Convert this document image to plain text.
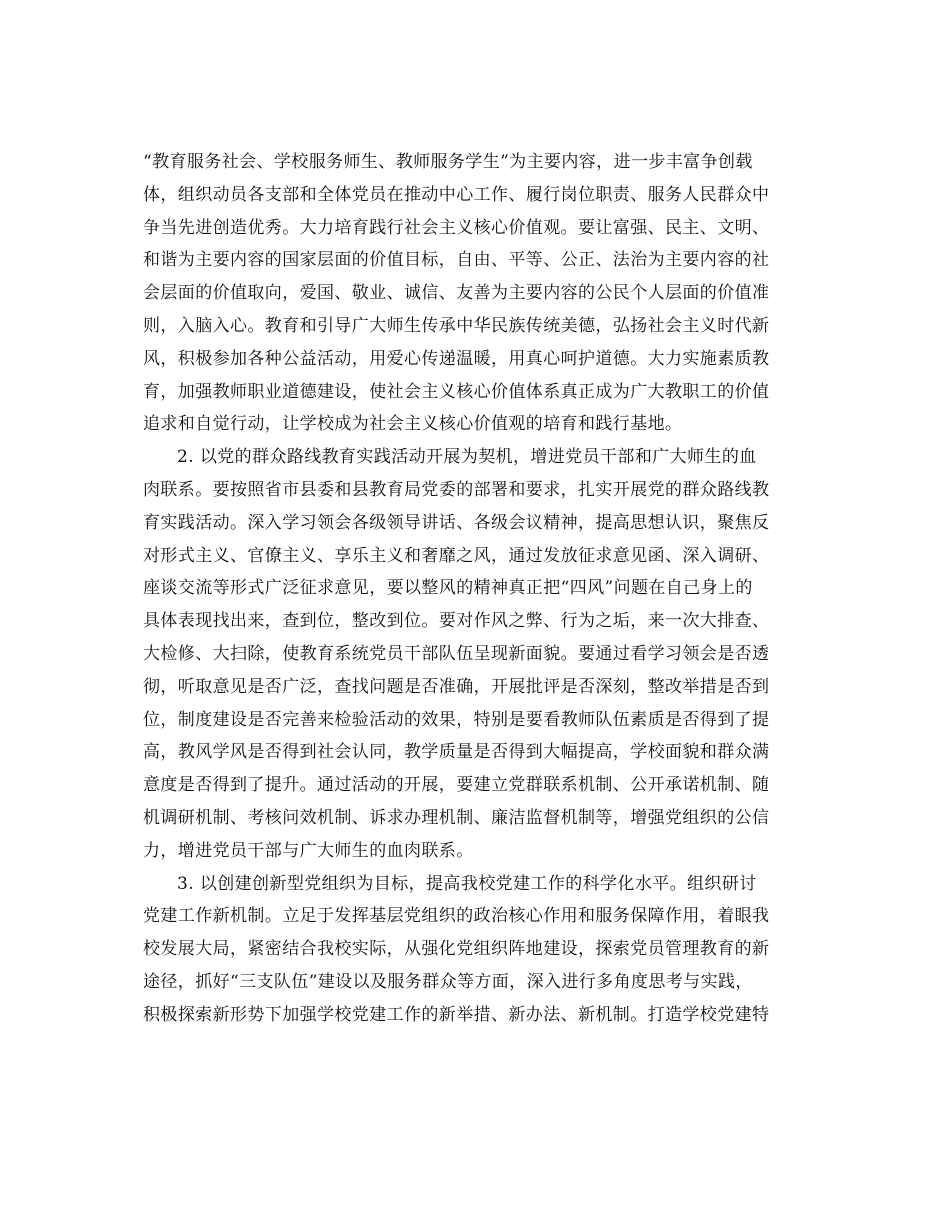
“教育服务社会、学校服务师生、教师服务学生”为主要内容，进一步丰富争创载
体，组织动员各支部和全体党员在推动中心工作、履行岗位职责、服务人民群众中
争当先进创造优秀。大力培育践行社会主义核心价值观。要让富强、民主、文明、
和谐为主要内容的国家层面的价值目标，自由、平等、公正、法治为主要内容的社
会层面的价值取向，爱国、敬业、诚信、友善为主要内容的公民个人层面的价值准
则，入脑入心。教育和引导广大师生传承中华民族传统美德，弘扬社会主义时代新
风，积极参加各种公益活动，用爱心传递温暖，用真心呵护道德。大力实施素质教
育，加强教师职业道德建设，使社会主义核心价值体系真正成为广大教职工的价值
追求和自觉行动，让学校成为社会主义核心价值观的培育和践行基地。
2. 以党的群众路线教育实践活动开展为契机，增进党员干部和广大师生的血
肉联系。要按照省市县委和县教育局党委的部署和要求，扎实开展党的群众路线教
育实践活动。深入学习领会各级领导讲话、各级会议精神，提高思想认识，聚焦反
对形式主义、官僚主义、享乐主义和奢靡之风，通过发放征求意见函、深入调研、
座谈交流等形式广泛征求意见，要以整风的精神真正把“四风”问题在自己身上的
具体表现找出来，查到位，整改到位。要对作风之弊、行为之垢，来一次大排查、
大检修、大扫除，使教育系统党员干部队伍呈现新面貌。要通过看学习领会是否透
彻，听取意见是否广泛，查找问题是否准确，开展批评是否深刻，整改举措是否到
位，制度建设是否完善来检验活动的效果，特别是要看教师队伍素质是否得到了提
高，教风学风是否得到社会认同，教学质量是否得到大幅提高，学校面貌和群众满
意度是否得到了提升。通过活动的开展，要建立党群联系机制、公开承诺机制、随
机调研机制、考核问效机制、诉求办理机制、廉洁监督机制等，增强党组织的公信
力，增进党员干部与广大师生的血肉联系。
3. 以创建创新型党组织为目标，提高我校党建工作的科学化水平。组织研讨
党建工作新机制。立足于发挥基层党组织的政治核心作用和服务保障作用，着眼我
校发展大局，紧密结合我校实际，从强化党组织阵地建设，探索党员管理教育的新
途径，抓好“三支队伍”建设以及服务群众等方面，深入进行多角度思考与实践，
积极探索新形势下加强学校党建工作的新举措、新办法、新机制。打造学校党建特
